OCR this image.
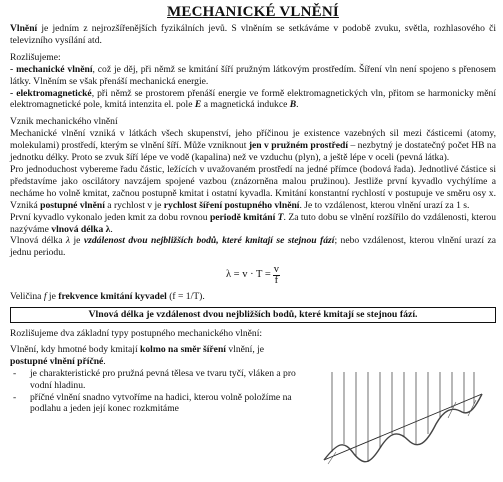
MECHANICKÉ VLNĚNÍ

Vlnění je jedním z nejrozšířenějších fyzikálních jevů. S vlněním se setkáváme v podobě zvuku, světla, rozhlasového či televizního vysílání atd.

Rozlišujeme:

- mechanické vlnění, což je děj, při němž se kmitání šíří pružným látkovým prostředím. Šíření vln není spojeno s přenosem látky. Vlněním se však přenáší mechanická energie.

- elektromagnetické, při němž se prostorem přenáší energie ve formě elektromagnetických vln, přitom se harmonicky mění elektromagnetické pole, kmitá intenzita el. pole E a magnetická indukce B.

Vznik mechanického vlnění

Mechanické vlnění vzniká v látkách všech skupenství, jeho příčinou je existence vazebných sil mezi částicemi (atomy, molekulami) prostředí, kterým se vlnění šíří. Může vzniknout jen v pružném prostředí – nezbytný je dostatečný počet HB na jednotku délky. Proto se zvuk šíří lépe ve vodě (kapalina) než ve vzduchu (plyn), a ještě lépe v oceli (pevná látka).

Pro jednoduchost vybereme řadu částic, ležících v uvažovaném prostředí na jedné přímce (bodová řada). Jednotlivé částice si představíme jako oscilátory navzájem spojené vazbou (znázorněna malou pružinou). Jestliže první kyvadlo vychýlíme a necháme ho volně kmitat, začnou postupně kmitat i ostatní kyvadla. Kmitání konstantní rychlostí v postupuje ve směru osy x. Vzniká postupné vlnění a rychlost v je rychlost šíření postupného vlnění. Je to vzdálenost, kterou vlnění urazí za 1 s.

První kyvadlo vykonalo jeden kmit za dobu rovnou periodě kmitání T. Za tuto dobu se vlnění rozšířilo do vzdálenosti, kterou nazýváme vlnová délka λ.

Vlnová délka λ je vzdálenost dvou nejbližších bodů, které kmitají se stejnou fází; nebo vzdálenost, kterou vlnění urazí za jednu periodu.

$\lambda = v \cdot T = \frac{v}{f}$

Veličina f je frekvence kmitání kyvadel (f = 1/T).

Vlnová délka je vzdálenost dvou nejbližších bodů, které kmitají se stejnou fází.

Rozlišujeme dva základní typy postupného mechanického vlnění:

Vlnění, kdy hmotné body kmitají kolmo na směr šíření vlnění, je postupné vlnění příčné.

- je charakteristické pro pružná pevná tělesa ve tvaru tyčí, vláken a pro vodní hladinu.
- příčné vlnění snadno vytvoříme na hadici, kterou volně položíme na podlahu a jeden její konec rozkmitáme
